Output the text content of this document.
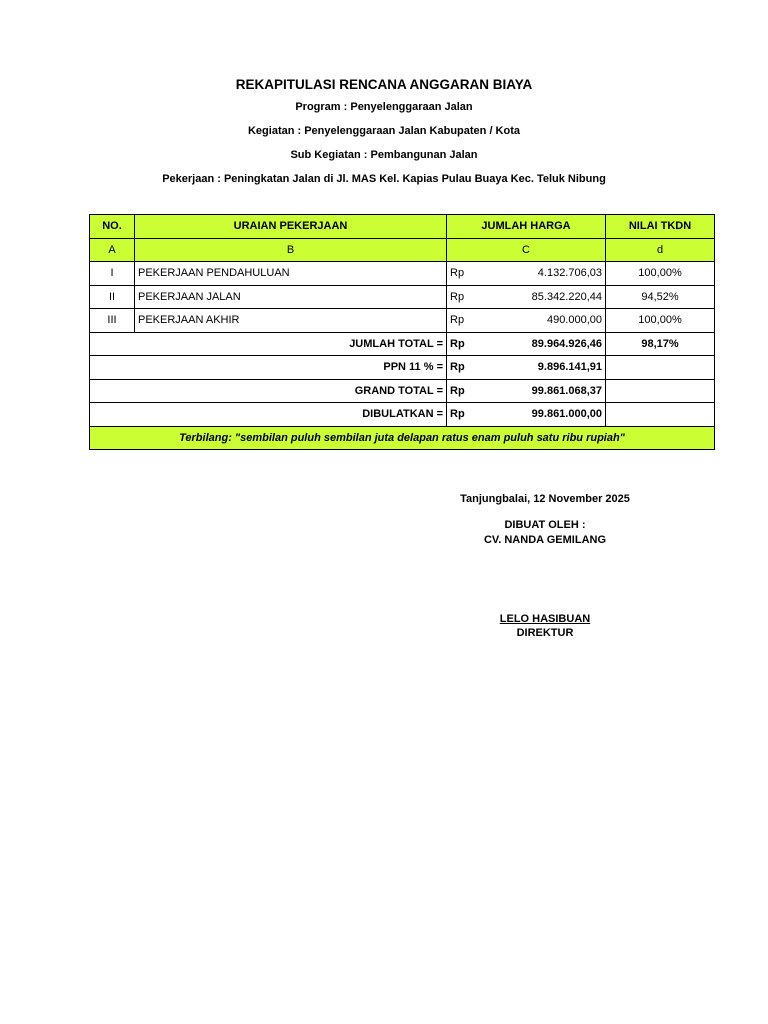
REKAPITULASI RENCANA ANGGARAN BIAYA
Program : Penyelenggaraan Jalan
Kegiatan : Penyelenggaraan Jalan Kabupaten / Kota
Sub Kegiatan : Pembangunan Jalan
Pekerjaan : Peningkatan Jalan di Jl. MAS Kel. Kapias Pulau Buaya Kec. Teluk Nibung
NO.	URAIAN PEKERJAAN	JUMLAH HARGA		NILAI TKDN
A	B	C		d
I	PEKERJAAN PENDAHULUAN	Rp	4.132.706,03	100,00%
II	PEKERJAAN JALAN	Rp	85.342.220,44	94,52%
III	PEKERJAAN AKHIR	Rp	490.000,00	100,00%
JUMLAH TOTAL =		Rp	89.964.926,46	98,17%
PPN 11 % =		Rp	9.896.141,91	
GRAND TOTAL =		Rp	99.861.068,37	
DIBULATKAN =		Rp	99.861.000,00	
Terbilang: "sembilan puluh sembilan juta delapan ratus enam puluh satu ribu rupiah"				
Tanjungbalai, 12 November 2025
DIBUAT OLEH :
CV. NANDA GEMILANG
LELO HASIBUAN
DIREKTUR
